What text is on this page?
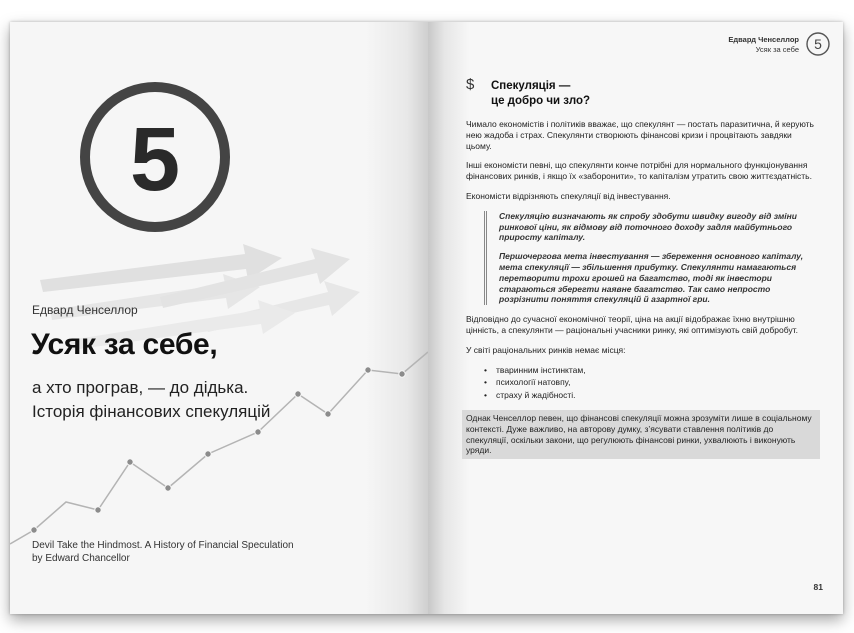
5
Едвард Ченселлор
Усяк за себе,
а хто програв, — до дідька.
Історія фінансових спекуляцій
Devil Take the Hindmost. A History of Financial Speculation
by Edward Chancellor
Едвард Ченселлор
Усяк за себе 5
$ Спекуляція —
це добро чи зло?

Чимало економістів і політиків вважає, що спекулянт — постать паразитична, й керують нею жадоба і страх. Спекулянти створюють фінансові кризи і процвітають завдяки цьому.

Інші економісти певні, що спекулянти конче потрібні для нормального функціонування фінансових ринків, і якщо їх «заборонити», то капіталізм утратить свою життєздатність.

Економісти відрізняють спекуляції від інвестування.

Спекуляцію визначають як спробу здобути швидку вигоду від зміни ринкової ціни, як відмову від поточного доходу задля майбутнього приросту капіталу.

Першочергова мета інвестування — збереження основного капіталу, мета спекуляції — збільшення прибутку. Спекулянти намагаються перетворити трохи грошей на багатство, тоді як інвестори стараються зберегти наявне багатство. Так само непросто розрізнити поняття спекуляцій й азартної гри.

Відповідно до сучасної економічної теорії, ціна на акції відображає їхню внутрішню цінність, а спекулянти — раціональні учасники ринку, які оптимізують свій добробут.

У світі раціональних ринків немає місця:

• тваринним інстинктам,
• психології натовпу,
• страху й жадібності.

Однак Ченселлор певен, що фінансові спекуляції можна зрозуміти лише в соціальному контексті. Дуже важливо, на авторову думку, з’ясувати ставлення політиків до спекуляції, оскільки закони, що регулюють фінансові ринки, ухвалюють і виконують уряди.

81
